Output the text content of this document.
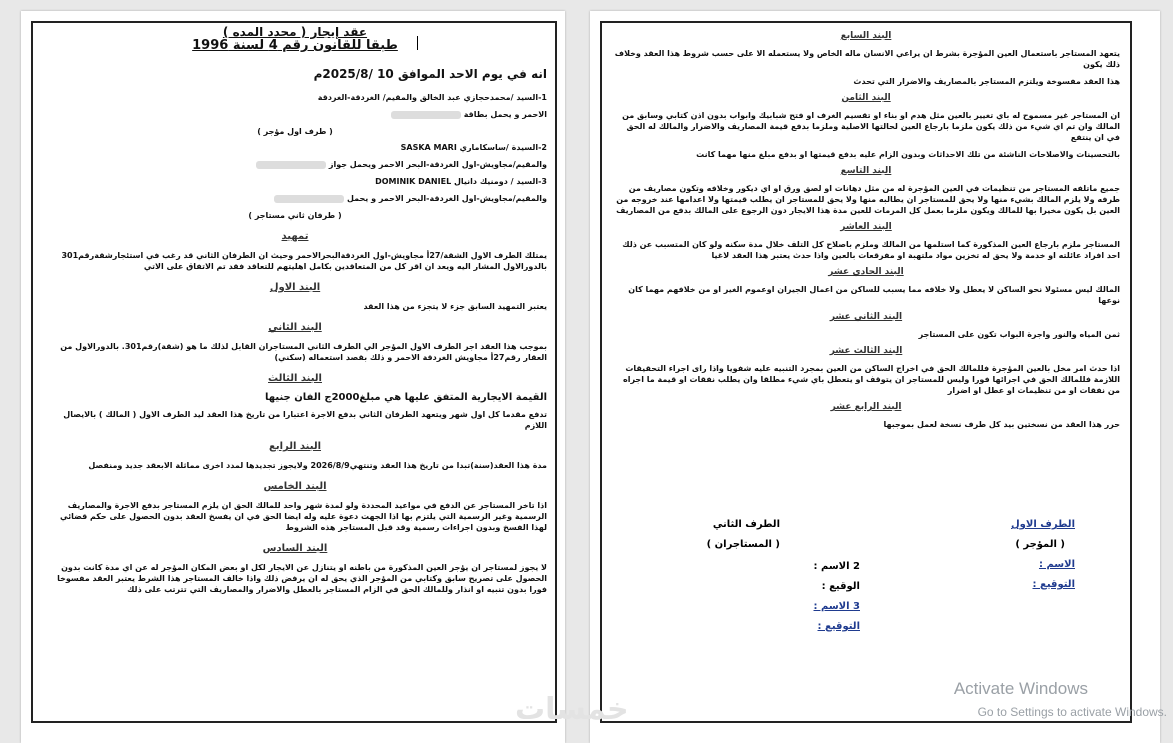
عقد إيجار ( محدد المده )
طبقا للقانون رقم 4 لسنة 1996
انه في يوم الاحد الموافق 10 /2025/8م
1-السيد /محمدحجازي عبد الخالق والمقيم/ الغردقة-الغردقة
الاحمر و يحمل بطاقة
( طرف اول مؤجر )
2-السيدة /ساسكاماري SASKA MARI
والمقيم/مجاويش-اول الغردقة-البحر الاحمر ويحمل جواز
3-السيد / دومنيك دانيال DOMINIK DANIEL
والمقيم/مجاويش-اول الغردقة-البحر الاحمر و يحمل
( طرفان ثاني مستاجر )
تمهيد
يمتلك الطرف الاول الشقة/27أ مجاويش-اول الغردقةالبحرالاحمر وحيث ان الطرفان الثاني قد رغب في استئجارشقةرقم301 بالدورالاول المشار اليه ويعد ان اقر كل من المتعاقدين بكامل اهليتهم للتعاقد فقد تم الاتفاق على الاتي
البند الاول
يعتبر التمهيد السابق جزء لا يتجزء من هذا العقد
البند الثاني
بموجب هذا العقد اجر الطرف الاول المؤجر الي الطرف الثاني المستاجران القابل لذلك ما هو (شقة)رقم301. بالدورالاول من العقار رقم27أ مجاويش الغردقة الاحمر و ذلك بقصد استعماله (سكني)
البند الثالث
القيمة الايجارية المتفق عليها هي مبلغ2000ج الفان جنيها
تدفع مقدما كل اول شهر ويتعهد الطرفان الثاني بدفع الاجرة اعتبارا من تاريخ هذا العقد ليد الطرف الاول ( المالك ) بالايصال اللازم
البند الرابع
مدة هذا العقد(سنة)تبدا من تاريخ هذا العقد وتنتهي2026/8/9 ولايجوز تجديدها لمدد اخرى مماثلة الابعقد جديد ومنفصل
البند الخامس
اذا تاخر المستاجر عن الدفع في مواعيد المحددة ولو لمدة شهر واحد للمالك الحق ان يلزم المستاجر بدفع الاجرة والمصاريف الرسمية وغير الرسمية التي يلتزم بها اذا الجهت دعوة عليه وله ايضا الحق في ان يفسخ العقد بدون الحصول على حكم قضائي لهذا الفسخ وبدون اجراءات رسمية وقد قبل المستاجر هذه الشروط
البند السادس
لا يجوز لمستاجر ان يؤجر العين المذكورة من باطنه او يتنازل عن الايجار لكل او بعض المكان المؤجر له عن اي مدة كانت بدون الحصول على تصريح سابق وكتابي من المؤجر الذي يحق له ان يرفض ذلك واذا خالف المستاجر هذا الشرط يعتبر العقد مفسوخا فورا بدون تنبيه او انذار وللمالك الحق في الزام المستاجر بالعطل والاضرار والمصاريف التي تترتب على ذلك
البند السابع
يتعهد المستاجر باستعمال العين المؤجرة بشرط ان يراعي الانسان ماله الخاص ولا يستعمله الا على حسب شروط هذا العقد وخلاف ذلك يكون
هذا العقد مفسوخة ويلتزم المستاجر بالمصاريف والاضرار التي تحدث
البند الثامن
ان المستاجر غير مسموح له باي تغيير بالعين مثل هدم او بناء او تقسيم الغرف او فتح شبابيك وابواب بدون اذن كتابي وسابق من المالك وان تم اي شيء من ذلك يكون ملزما بارجاع العين لحالتها الاصلية وملزما بدفع قيمة المصاريف والاضرار والمالك له الحق في ان ينتفع
بالتحسينات والاصلاحات الناشئة من تلك الاحداثات وبدون الزام عليه بدفع قيمتها او بدفع مبلغ منها مهما كانت
البند التاسع
جميع ماتلفه المستاجر من تنظيمات في العين المؤجرة له من مثل دهانات او لصق ورق او اي ديكور وخلافه وتكون مصاريف من طرفه ولا يلزم المالك بشيء منها ولا يحق للمستاجر ان يطالبه منها ولا يحق للمستاجر ان يطلب قيمتها ولا اعدامها عند خروجه من العين بل يكون مخيرا بها للمالك ويكون ملزما بعمل كل المرمات للعين مدة هذا الايجار دون الرجوع على المالك بدفع من المصاريف
البند العاشر
المستاجر ملزم بارجاع العين المذكورة كما استلمها من المالك وملزم باصلاح كل التلف خلال مدة سكنه ولو كان المتسبب عن ذلك احد افراد عائلته او خدمة ولا يحق له تخزين مواد ملتهبة او مفرقعات بالعين واذا حدث يعتبر هذا العقد لاغيا
البند الحادي عشر
المالك ليس مسئولا نحو الساكن لا يعطل ولا خلافه مما يسبب للساكن من اعمال الجيران اوعموم الغير او من خلافهم مهما كان نوعها
البند الثاني عشر
ثمن المياه والنور واجرة البواب تكون على المستاجر
البند الثالث عشر
اذا حدث امر مخل بالعين المؤجرة فللمالك الحق في اخراج الساكن من العين بمجرد التنبيه عليه شفويا واذا راى اجراء التحقيقات اللازمة فللمالك الحق في اجرائها فورا وليس للمستاجر ان يتوقف او يتعطل باي شيء مطلقا وان يطلب نفقات او قيمة ما اجراه من نفقات او من تنظيمات او عطل او اضرار
البند الرابع عشر
حرر هذا العقد من نسختين بيد كل طرف نسخة لعمل بموجبها
الطرف الاول
( المؤجر )
الاسم :
التوقيع :
الطرف الثاني
( المستاجران )
2 الاسم :
الوقيع :
3 الاسم :
التوقيع :
خمسات
Activate Windows
Go to Settings to activate Windows.
